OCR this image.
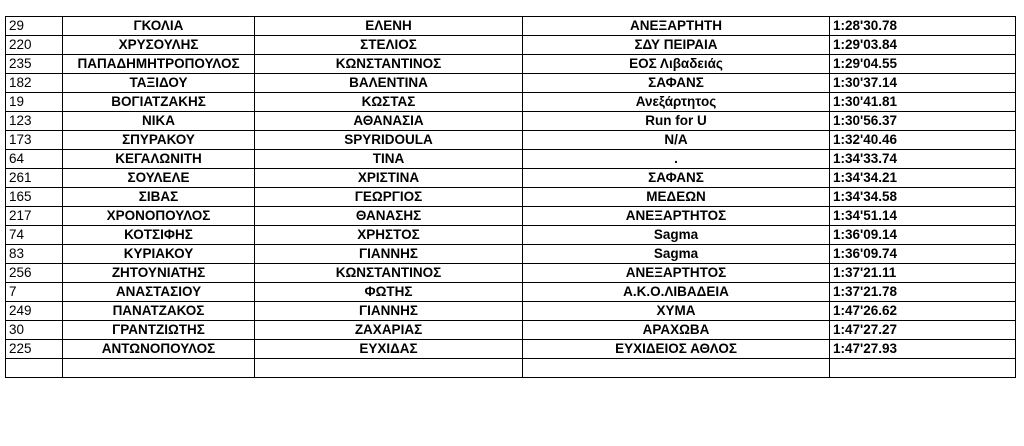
29	ΓΚΟΛΙΑ	ΕΛΕΝΗ	ΑΝΕΞΑΡΤΗΤΗ	1:28'30.78
220	ΧΡΥΣΟΥΛΗΣ	ΣΤΕΛΙΟΣ	ΣΔΥ ΠΕΙΡΑΙΑ	1:29'03.84
235	ΠΑΠΑΔΗΜΗΤΡΟΠΟΥΛΟΣ	ΚΩΝΣΤΑΝΤΙΝΟΣ	ΕΟΣ Λιβαδειάς	1:29'04.55
182	ΤΑΞΙΔΟΥ	ΒΑΛΕΝΤΙΝΑ	ΣΑΦΑΝΣ	1:30'37.14
19	ΒΟΓΙΑΤΖΑΚΗΣ	ΚΩΣΤΑΣ	Ανεξάρτητος	1:30'41.81
123	ΝΙΚΑ	ΑΘΑΝΑΣΙΑ	Run for U	1:30'56.37
173	ΣΠΥΡΑΚΟΥ	SPYRIDOULA	N/A	1:32'40.46
64	ΚΕΓΑΛΩΝΙΤΗ	ΤΙΝΑ	.	1:34'33.74
261	ΣΟΥΛΕΛΕ	ΧΡΙΣΤΙΝΑ	ΣΑΦΑΝΣ	1:34'34.21
165	ΣΙΒΑΣ	ΓΕΩΡΓΙΟΣ	ΜΕΔΕΩΝ	1:34'34.58
217	ΧΡΟΝΟΠΟΥΛΟΣ	ΘΑΝΑΣΗΣ	ΑΝΕΞΑΡΤΗΤΟΣ	1:34'51.14
74	ΚΟΤΣΙΦΗΣ	ΧΡΗΣΤΟΣ	Sagma	1:36'09.14
83	ΚΥΡΙΑΚΟΥ	ΓΙΑΝΝΗΣ	Sagma	1:36'09.74
256	ΖΗΤΟΥΝΙΑΤΗΣ	ΚΩΝΣΤΑΝΤΙΝΟΣ	ΑΝΕΞΑΡΤΗΤΟΣ	1:37'21.11
7	ΑΝΑΣΤΑΣΙΟΥ	ΦΩΤΗΣ	Α.Κ.Ο.ΛΙΒΑΔΕΙΑ	1:37'21.78
249	ΠΑΝΑΤΖΑΚΟΣ	ΓΙΑΝΝΗΣ	ΧΥΜΑ	1:47'26.62
30	ΓΡΑΝΤΖΙΩΤΗΣ	ΖΑΧΑΡΙΑΣ	ΑΡΑΧΩΒΑ	1:47'27.27
225	ΑΝΤΩΝΟΠΟΥΛΟΣ	ΕΥΧΙΔΑΣ	ΕΥΧΙΔΕΙΟΣ ΑΘΛΟΣ	1:47'27.93
